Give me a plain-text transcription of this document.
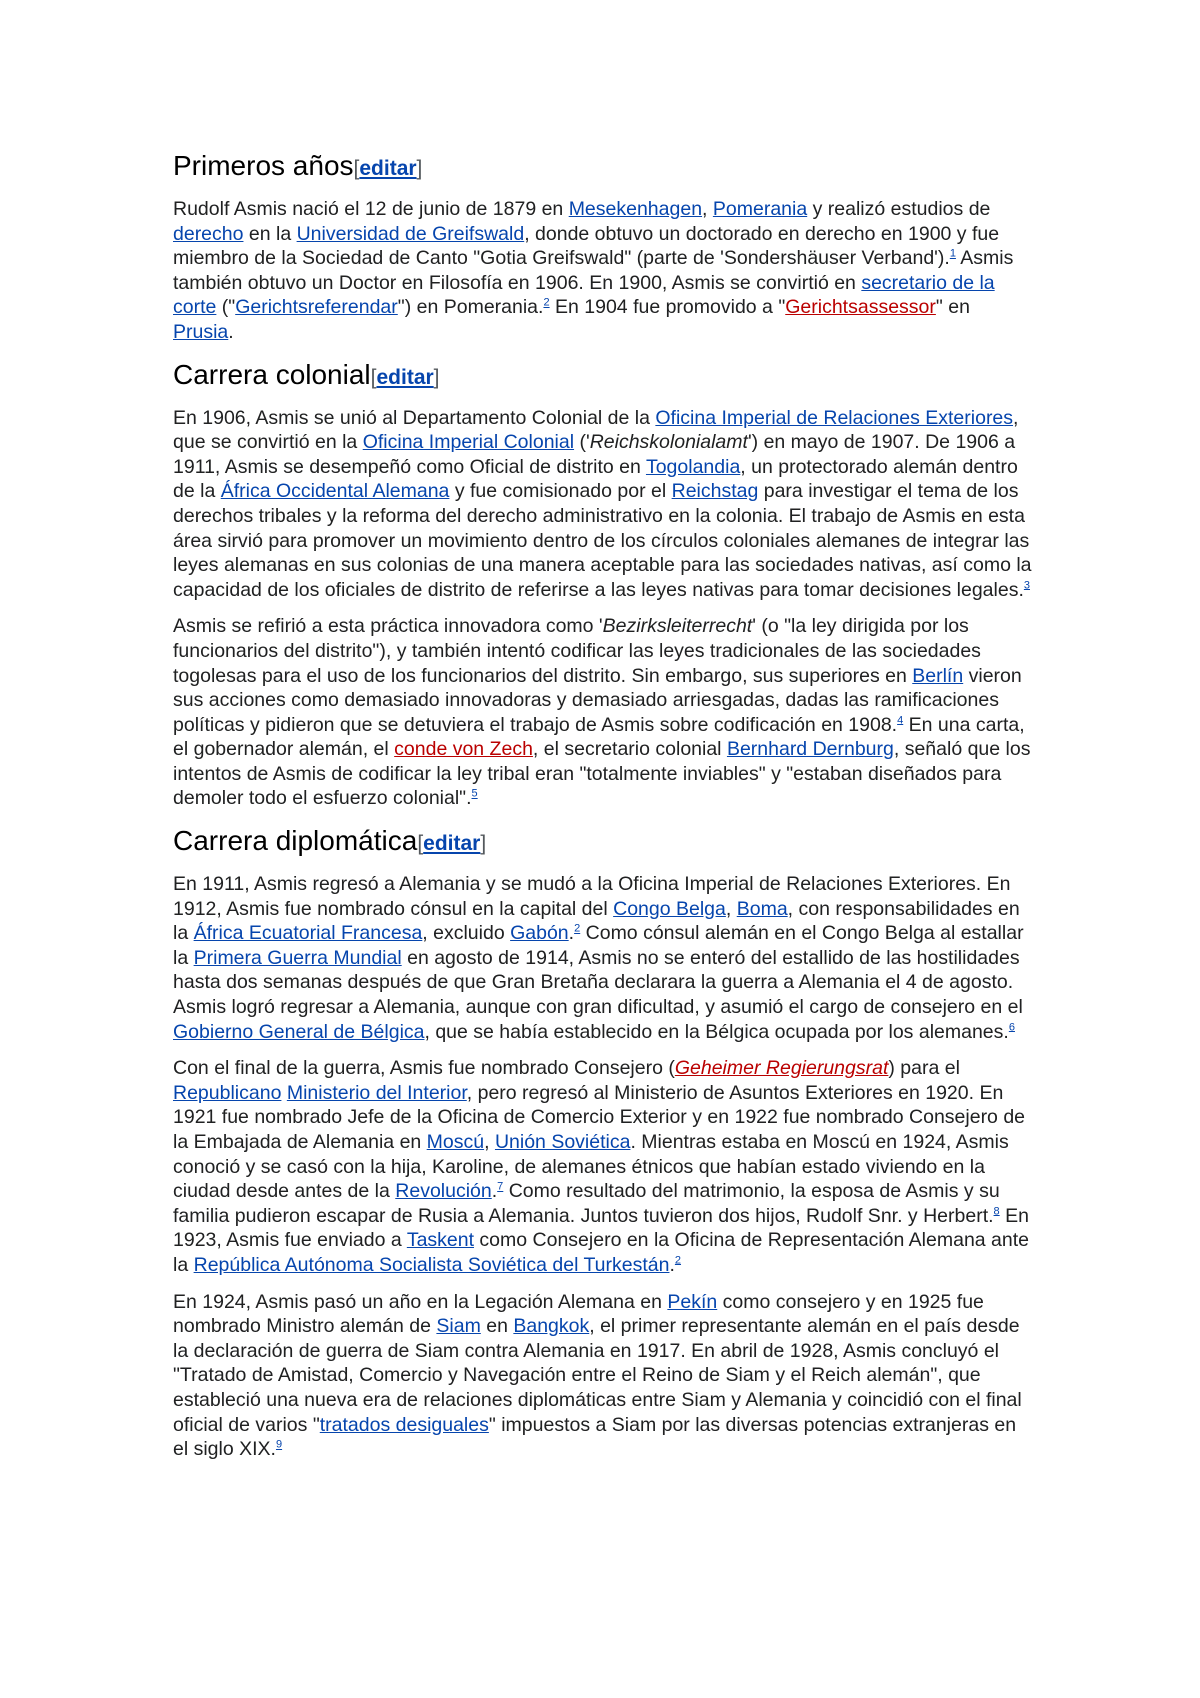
Primeros años[editar]

Rudolf Asmis nació el 12 de junio de 1879 en Mesekenhagen, Pomerania y realizó estudios de derecho en la Universidad de Greifswald, donde obtuvo un doctorado en derecho en 1900 y fue miembro de la Sociedad de Canto "Gotia Greifswald" (parte de 'Sondershäuser Verband').$^1$ Asmis también obtuvo un Doctor en Filosofía en 1906. En 1900, Asmis se convirtió en secretario de la corte ("Gerichtsreferendar") en Pomerania.$^2$ En 1904 fue promovido a "Gerichtsassessor" en Prusia.

Carrera colonial[editar]

En 1906, Asmis se unió al Departamento Colonial de la Oficina Imperial de Relaciones Exteriores, que se convirtió en la Oficina Imperial Colonial ('Reichskolonialamt') en mayo de 1907. De 1906 a 1911, Asmis se desempeñó como Oficial de distrito en Togolandia, un protectorado alemán dentro de la África Occidental Alemana y fue comisionado por el Reichstag para investigar el tema de los derechos tribales y la reforma del derecho administrativo en la colonia. El trabajo de Asmis en esta área sirvió para promover un movimiento dentro de los círculos coloniales alemanes de integrar las leyes alemanas en sus colonias de una manera aceptable para las sociedades nativas, así como la capacidad de los oficiales de distrito de referirse a las leyes nativas para tomar decisiones legales.$^3$

Asmis se refirió a esta práctica innovadora como 'Bezirksleiterrecht' (o "la ley dirigida por los funcionarios del distrito"), y también intentó codificar las leyes tradicionales de las sociedades togolesas para el uso de los funcionarios del distrito. Sin embargo, sus superiores en Berlín vieron sus acciones como demasiado innovadoras y demasiado arriesgadas, dadas las ramificaciones políticas y pidieron que se detuviera el trabajo de Asmis sobre codificación en 1908.$^4$ En una carta, el gobernador alemán, el conde von Zech, el secretario colonial Bernhard Dernburg, señaló que los intentos de Asmis de codificar la ley tribal eran "totalmente inviables" y "estaban diseñados para demoler todo el esfuerzo colonial".$^5$

Carrera diplomática[editar]

En 1911, Asmis regresó a Alemania y se mudó a la Oficina Imperial de Relaciones Exteriores. En 1912, Asmis fue nombrado cónsul en la capital del Congo Belga, Boma, con responsabilidades en la África Ecuatorial Francesa, excluido Gabón.$^2$ Como cónsul alemán en el Congo Belga al estallar la Primera Guerra Mundial en agosto de 1914, Asmis no se enteró del estallido de las hostilidades hasta dos semanas después de que Gran Bretaña declarara la guerra a Alemania el 4 de agosto. Asmis logró regresar a Alemania, aunque con gran dificultad, y asumió el cargo de consejero en el Gobierno General de Bélgica, que se había establecido en la Bélgica ocupada por los alemanes.$^6$

Con el final de la guerra, Asmis fue nombrado Consejero (Geheimer Regierungsrat) para el Republicano Ministerio del Interior, pero regresó al Ministerio de Asuntos Exteriores en 1920. En 1921 fue nombrado Jefe de la Oficina de Comercio Exterior y en 1922 fue nombrado Consejero de la Embajada de Alemania en Moscú, Unión Soviética. Mientras estaba en Moscú en 1924, Asmis conoció y se casó con la hija, Karoline, de alemanes étnicos que habían estado viviendo en la ciudad desde antes de la Revolución.$^7$ Como resultado del matrimonio, la esposa de Asmis y su familia pudieron escapar de Rusia a Alemania. Juntos tuvieron dos hijos, Rudolf Snr. y Herbert.$^8$ En 1923, Asmis fue enviado a Taskent como Consejero en la Oficina de Representación Alemana ante la República Autónoma Socialista Soviética del Turkestán.$^2$

En 1924, Asmis pasó un año en la Legación Alemana en Pekín como consejero y en 1925 fue nombrado Ministro alemán de Siam en Bangkok, el primer representante alemán en el país desde la declaración de guerra de Siam contra Alemania en 1917. En abril de 1928, Asmis concluyó el "Tratado de Amistad, Comercio y Navegación entre el Reino de Siam y el Reich alemán", que estableció una nueva era de relaciones diplomáticas entre Siam y Alemania y coincidió con el final oficial de varios "tratados desiguales" impuestos a Siam por las diversas potencias extranjeras en el siglo XIX.$^9$
